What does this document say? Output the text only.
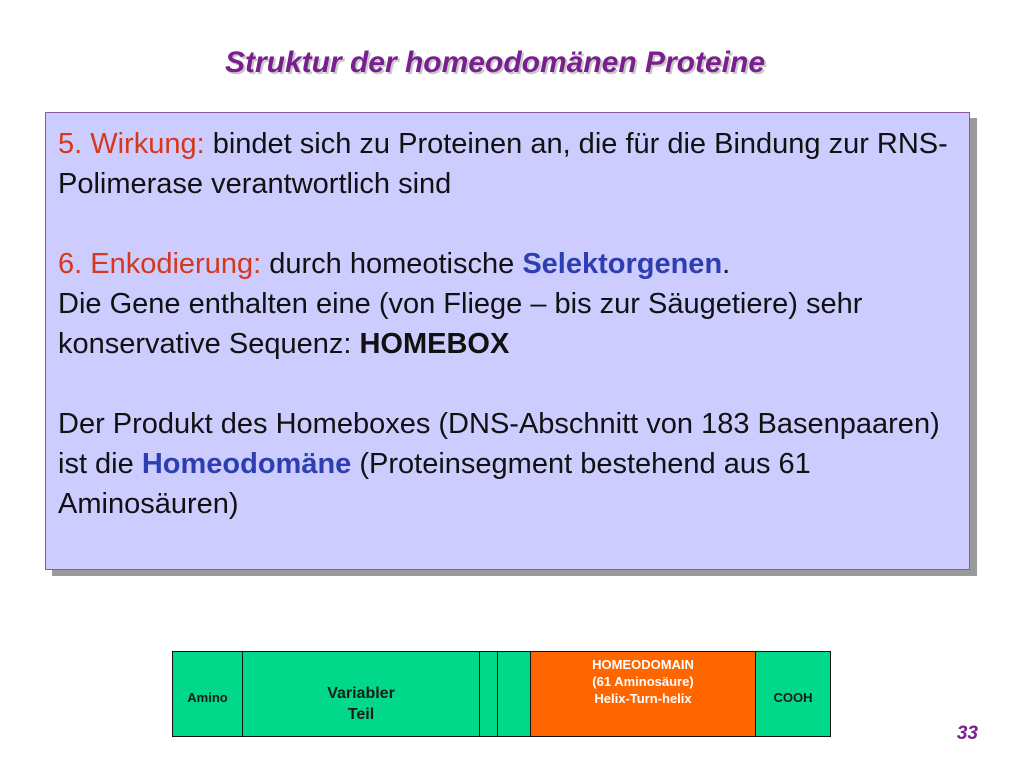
Struktur der homeodomänen Proteine

5. Wirkung: bindet sich zu Proteinen an, die für die Bindung zur RNS-Polimerase verantwortlich sind

6. Enkodierung: durch homeotische Selektorgenen.

Die Gene enthalten eine (von Fliege – bis zur Säugetiere) sehr konservative Sequenz: HOMEBOX

Der Produkt des Homeboxes (DNS-Abschnitt von 183 Basenpaaren) ist die Homeodomäne (Proteinsegment bestehend aus 61 Aminosäuren)

Amino	Variabler
Teil
HOMEODOMAIN
(61 Aminosäure)
Helix-Turn-helix	COOH
33
